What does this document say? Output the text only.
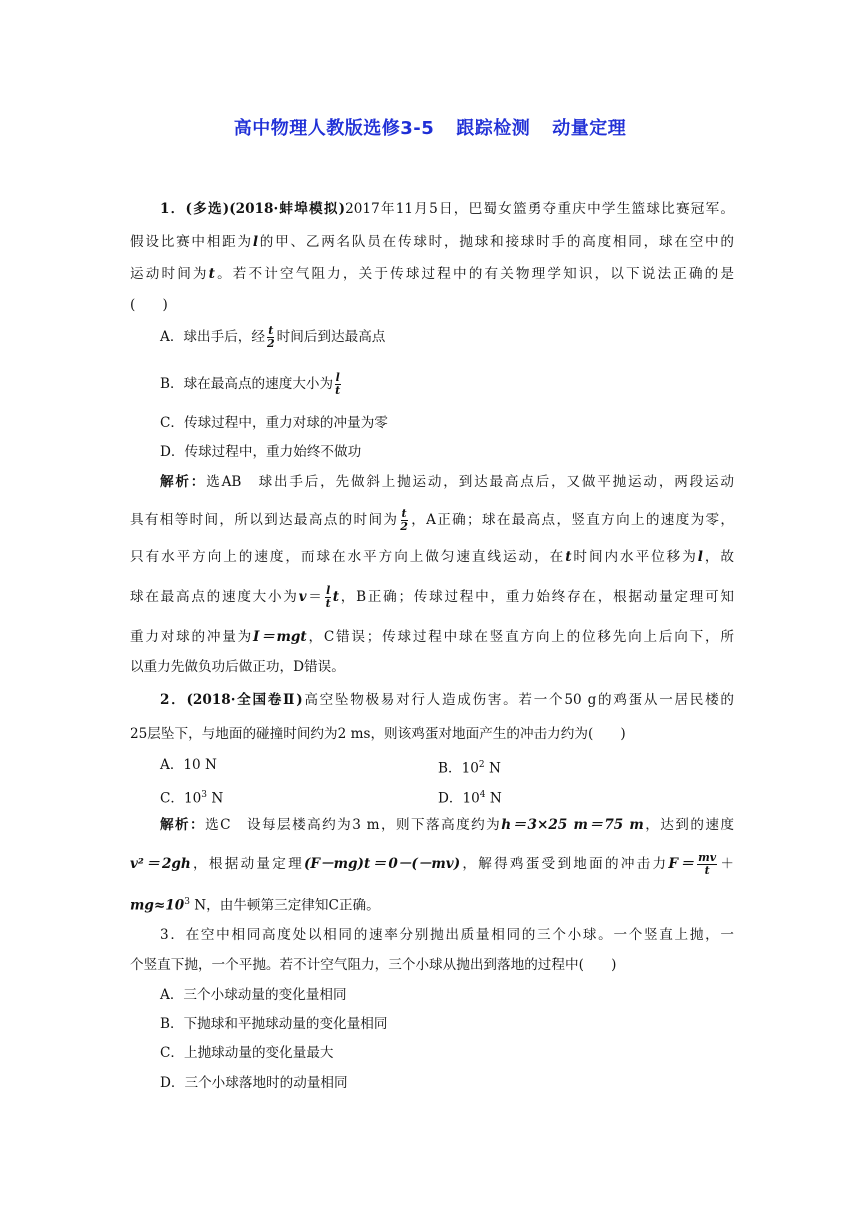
高中物理人教版选修3-5 跟踪检测 动量定理
1．(多选)(2018·蚌埠模拟)2017年11月5日，巴蜀女篮勇夺重庆中学生篮球比赛冠军。
假设比赛中相距为l的甲、乙两名队员在传球时，抛球和接球时手的高度相同，球在空中的
运动时间为t。若不计空气阻力，关于传球过程中的有关物理学知识，以下说法正确的是
(　　)
A．球出手后，经 $\frac{t}{2}$ 时间后到达最高点
B．球在最高点的速度大小为 $\frac{l}{t}$
C．传球过程中，重力对球的冲量为零
D．传球过程中，重力始终不做功
解析：选AB　球出手后，先做斜上抛运动，到达最高点后，又做平抛运动，两段运动
具有相等时间，所以到达最高点的时间为 $\frac{t}{2}$ ，A正确；球在最高点，竖直方向上的速度为零，
只有水平方向上的速度，而球在水平方向上做匀速直线运动，在t时间内水平位移为l，故
球在最高点的速度大小为$v= \frac{l}{t}$ t，B正确；传球过程中，重力始终存在，根据动量定理可知
重力对球的冲量为I＝mgt，C错误；传球过程中球在竖直方向上的位移先向上后向下，所
以重力先做负功后做正功，D错误。
2．(2018·全国卷Ⅱ)高空坠物极易对行人造成伤害。若一个50 g的鸡蛋从一居民楼的
25层坠下，与地面的碰撞时间约为2 ms，则该鸡蛋对地面产生的冲击力约为(　　)
A．10 N	B．$10^2$ N
C．$10^3$ N	D．$10^4$ N
解析：选C　设每层楼高约为3 m，则下落高度约为h＝3×25 m＝75 m，达到的速度
v²＝2gh，根据动量定理(F－mg)t＝0－(－mv)，解得鸡蛋受到地面的冲击力$F= \frac{mv}{t}$ ＋
$mg\approx 10^3$ N，由牛顿第三定律知C正确。
3．在空中相同高度处以相同的速率分别抛出质量相同的三个小球。一个竖直上抛，一
个竖直下抛，一个平抛。若不计空气阻力，三个小球从抛出到落地的过程中(　　)
A．三个小球动量的变化量相同
B．下抛球和平抛球动量的变化量相同
C．上抛球动量的变化量最大
D．三个小球落地时的动量相同
